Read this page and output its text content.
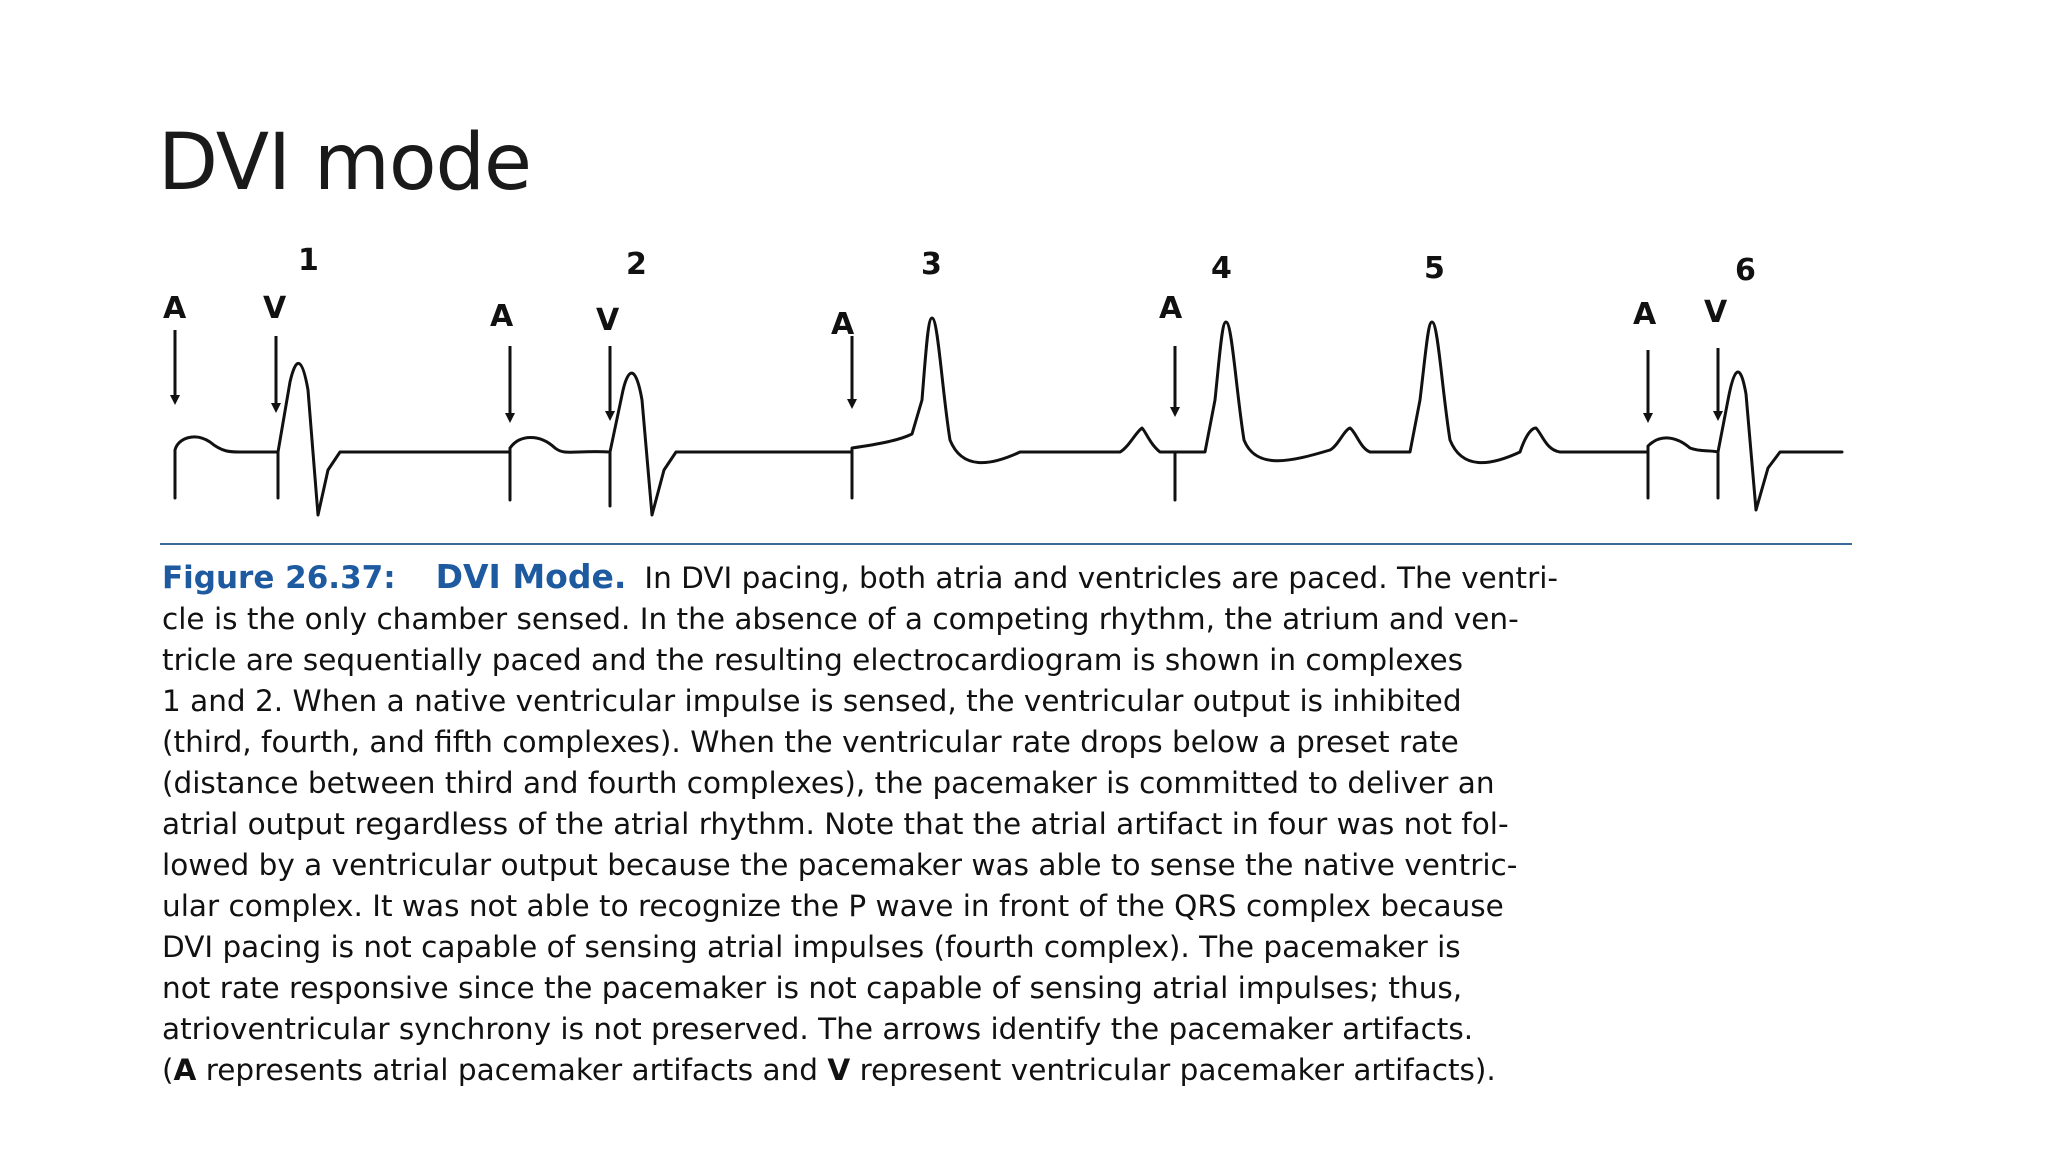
DVI mode
1	2	3	4	5	6
A	V	A	V	A	A	A V

Figure 26.37: DVI Mode. In DVI pacing, both atria and ventricles are paced. The ventri-
cle is the only chamber sensed. In the absence of a competing rhythm, the atrium and ven-
tricle are sequentially paced and the resulting electrocardiogram is shown in complexes
1 and 2. When a native ventricular impulse is sensed, the ventricular output is inhibited
(third, fourth, and fifth complexes). When the ventricular rate drops below a preset rate
(distance between third and fourth complexes), the pacemaker is committed to deliver an
atrial output regardless of the atrial rhythm. Note that the atrial artifact in four was not fol-
lowed by a ventricular output because the pacemaker was able to sense the native ventric-
ular complex. It was not able to recognize the P wave in front of the QRS complex because
DVI pacing is not capable of sensing atrial impulses (fourth complex). The pacemaker is
not rate responsive since the pacemaker is not capable of sensing atrial impulses; thus,
atrioventricular synchrony is not preserved. The arrows identify the pacemaker artifacts.
(A represents atrial pacemaker artifacts and V represent ventricular pacemaker artifacts).
